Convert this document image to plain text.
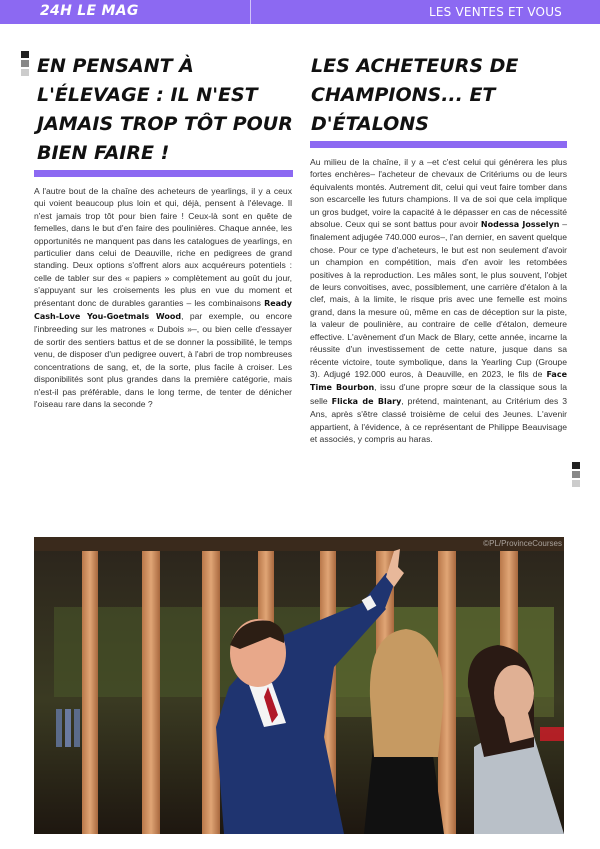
24H LE MAG	LES VENTES ET VOUS
EN PENSANT À L'ÉLEVAGE : IL N'EST JAMAIS TROP TÔT POUR BIEN FAIRE !

A l'autre bout de la chaîne des acheteurs de yearlings, il y a ceux qui voient beaucoup plus loin et qui, déjà, pensent à l'élevage. Il n'est jamais trop tôt pour bien faire ! Ceux-là sont en quête de femelles, dans le but d'en faire des poulinières. Chaque année, les opportunités ne manquent pas dans les catalogues de yearlings, en particulier dans celui de Deauville, riche en pedigrees de grand standing. Deux options s'offrent alors aux acquéreurs potentiels : celle de tabler sur des « papiers » complètement au goût du jour, s'appuyant sur les croisements les plus en vue du moment et présentant donc de durables garanties – les combinaisons Ready Cash-Love You-Goetmals Wood, par exemple, ou encore l'inbreeding sur les matrones « Dubois »–, ou bien celle d'essayer de sortir des sentiers battus et de se donner la possibilité, le temps venu, de disposer d'un pedigree ouvert, à l'abri de trop nombreuses concentrations de sang, et, de la sorte, plus facile à croiser. Les disponibilités sont plus grandes dans la première catégorie, mais n'est-il pas préférable, dans le long terme, de tenter de dénicher l'oiseau rare dans la seconde ?

LES ACHETEURS DE CHAMPIONS... ET D'ÉTALONS

Au milieu de la chaîne, il y a –et c'est celui qui générera les plus fortes enchères– l'acheteur de chevaux de Critériums ou de leurs équivalents montés. Autrement dit, celui qui veut faire tomber dans son escarcelle les futurs champions. Il va de soi que cela implique un gros budget, voire la capacité à le dépasser en cas de nécessité absolue. Ceux qui se sont battus pour avoir Nodessa Josselyn –finalement adjugée 740.000 euros–, l'an dernier, en savent quelque chose. Pour ce type d'acheteurs, le but est non seulement d'avoir un champion en compétition, mais d'en avoir les retombées positives à la reproduction. Les mâles sont, le plus souvent, l'objet de leurs convoitises, avec, possiblement, une carrière d'étalon à la clef, mais, à la limite, le risque pris avec une femelle est moins grand, dans la mesure où, même en cas de déception sur la piste, la valeur de poulinière, au contraire de celle d'étalon, demeure effective. L'avènement d'un Mack de Blary, cette année, incarne la réussite d'un investissement de cette nature, jusque dans sa récente victoire, toute symbolique, dans la Yearling Cup (Groupe 3). Adjugé 192.000 euros, à Deauville, en 2023, le fils de Face Time Bourbon, issu d'une propre sœur de la classique sous la selle Flicka de Blary, prétend, maintenant, au Critérium des 3 Ans, après s'être classé troisième de celui des Jeunes. L'avenir appartient, à l'évidence, à ce représentant de Philippe Beauvisage et associés, y compris au haras.

©PL/ProvinceCourses
